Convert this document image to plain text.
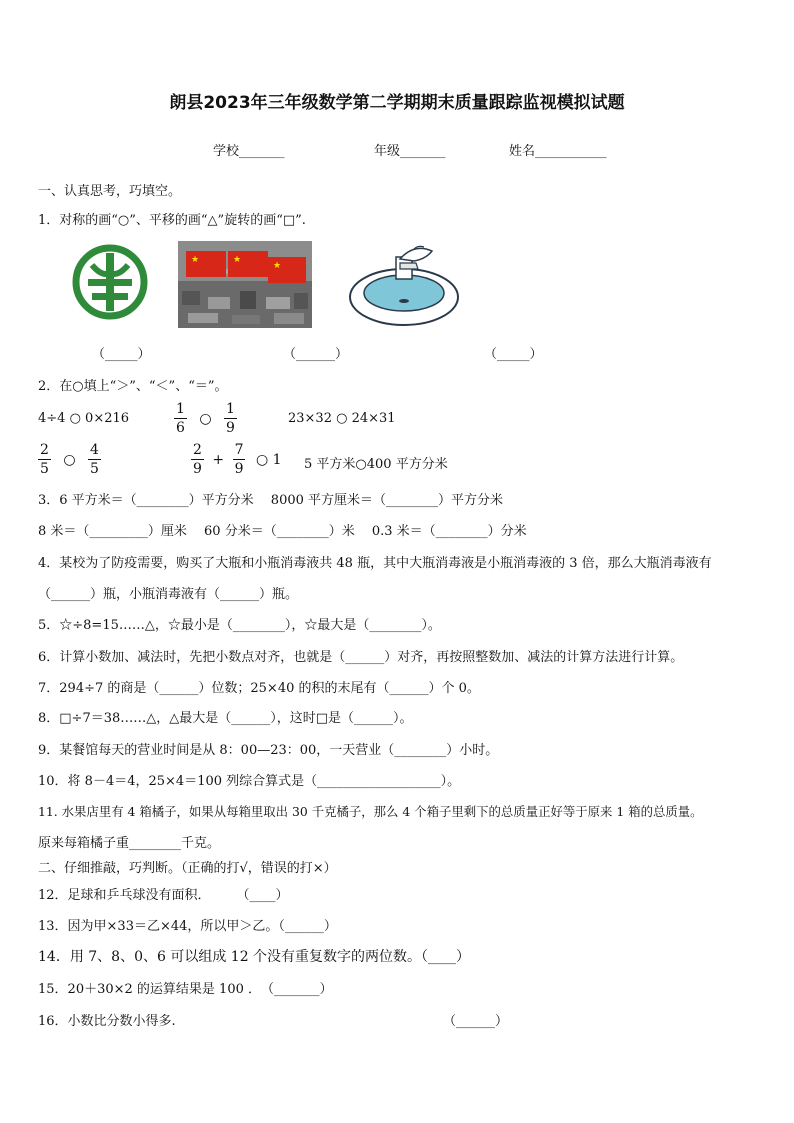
朗县2023年三年级数学第二学期期末质量跟踪监视模拟试题
学校_______	年级_______	姓名___________
一、认真思考，巧填空。
1．对称的画“○”、平移的画“△”旋转的画“□”.
★	★
★
（_____）	（______）	（_____）
2．在○填上“＞”、“＜”、“＝”。
4÷4 ○ 0×216	$\frac{1}{6}$ ○ $\frac{1}{9}$	23×32 ○ 24×31
$\frac{2}{5}$ ○ $\frac{4}{5}$	$\frac{2}{9} + \frac{7}{9}$ ○ 1 5 平方米○400 平方分米
3．6 平方米＝（________）平方分米　 8000 平方厘米＝（________）平方分米
8 米＝（_________）厘米　 60 分米＝（________）米　 0.3 米＝（________）分米
4．某校为了防疫需要，购买了大瓶和小瓶消毒液共 48 瓶，其中大瓶消毒液是小瓶消毒液的 3 倍，那么大瓶消毒液有
（______）瓶，小瓶消毒液有（______）瓶。
5．☆÷8=15……△，☆最小是（________），☆最大是（________）。
6．计算小数加、减法时，先把小数点对齐，也就是（______）对齐，再按照整数加、减法的计算方法进行计算。
7．294÷7 的商是（______）位数；25×40 的积的末尾有（______）个 0。
8．□÷7＝38……△，△最大是（______），这时□是（______）。
9．某餐馆每天的营业时间是从 8：00—23：00，一天营业（________）小时。
10．将 8－4＝4，25×4＝100 列综合算式是（___________________）。
11. 水果店里有 4 箱橘子，如果从每箱里取出 30 千克橘子，那么 4 个箱子里剩下的总质量正好等于原来 1 箱的总质量。
原来每箱橘子重________千克。
二、仔细推敲，巧判断。（正确的打√，错误的打×）
12．足球和乒乓球没有面积．　　　（____）
13．因为甲×33＝乙×44，所以甲＞乙。（______）
14．用 7、8、0、6 可以组成 12 个没有重复数字的两位数。（____）
15．20＋30×2 的运算结果是 100 ．　（_______）
16．小数比分数小得多.	（______）
